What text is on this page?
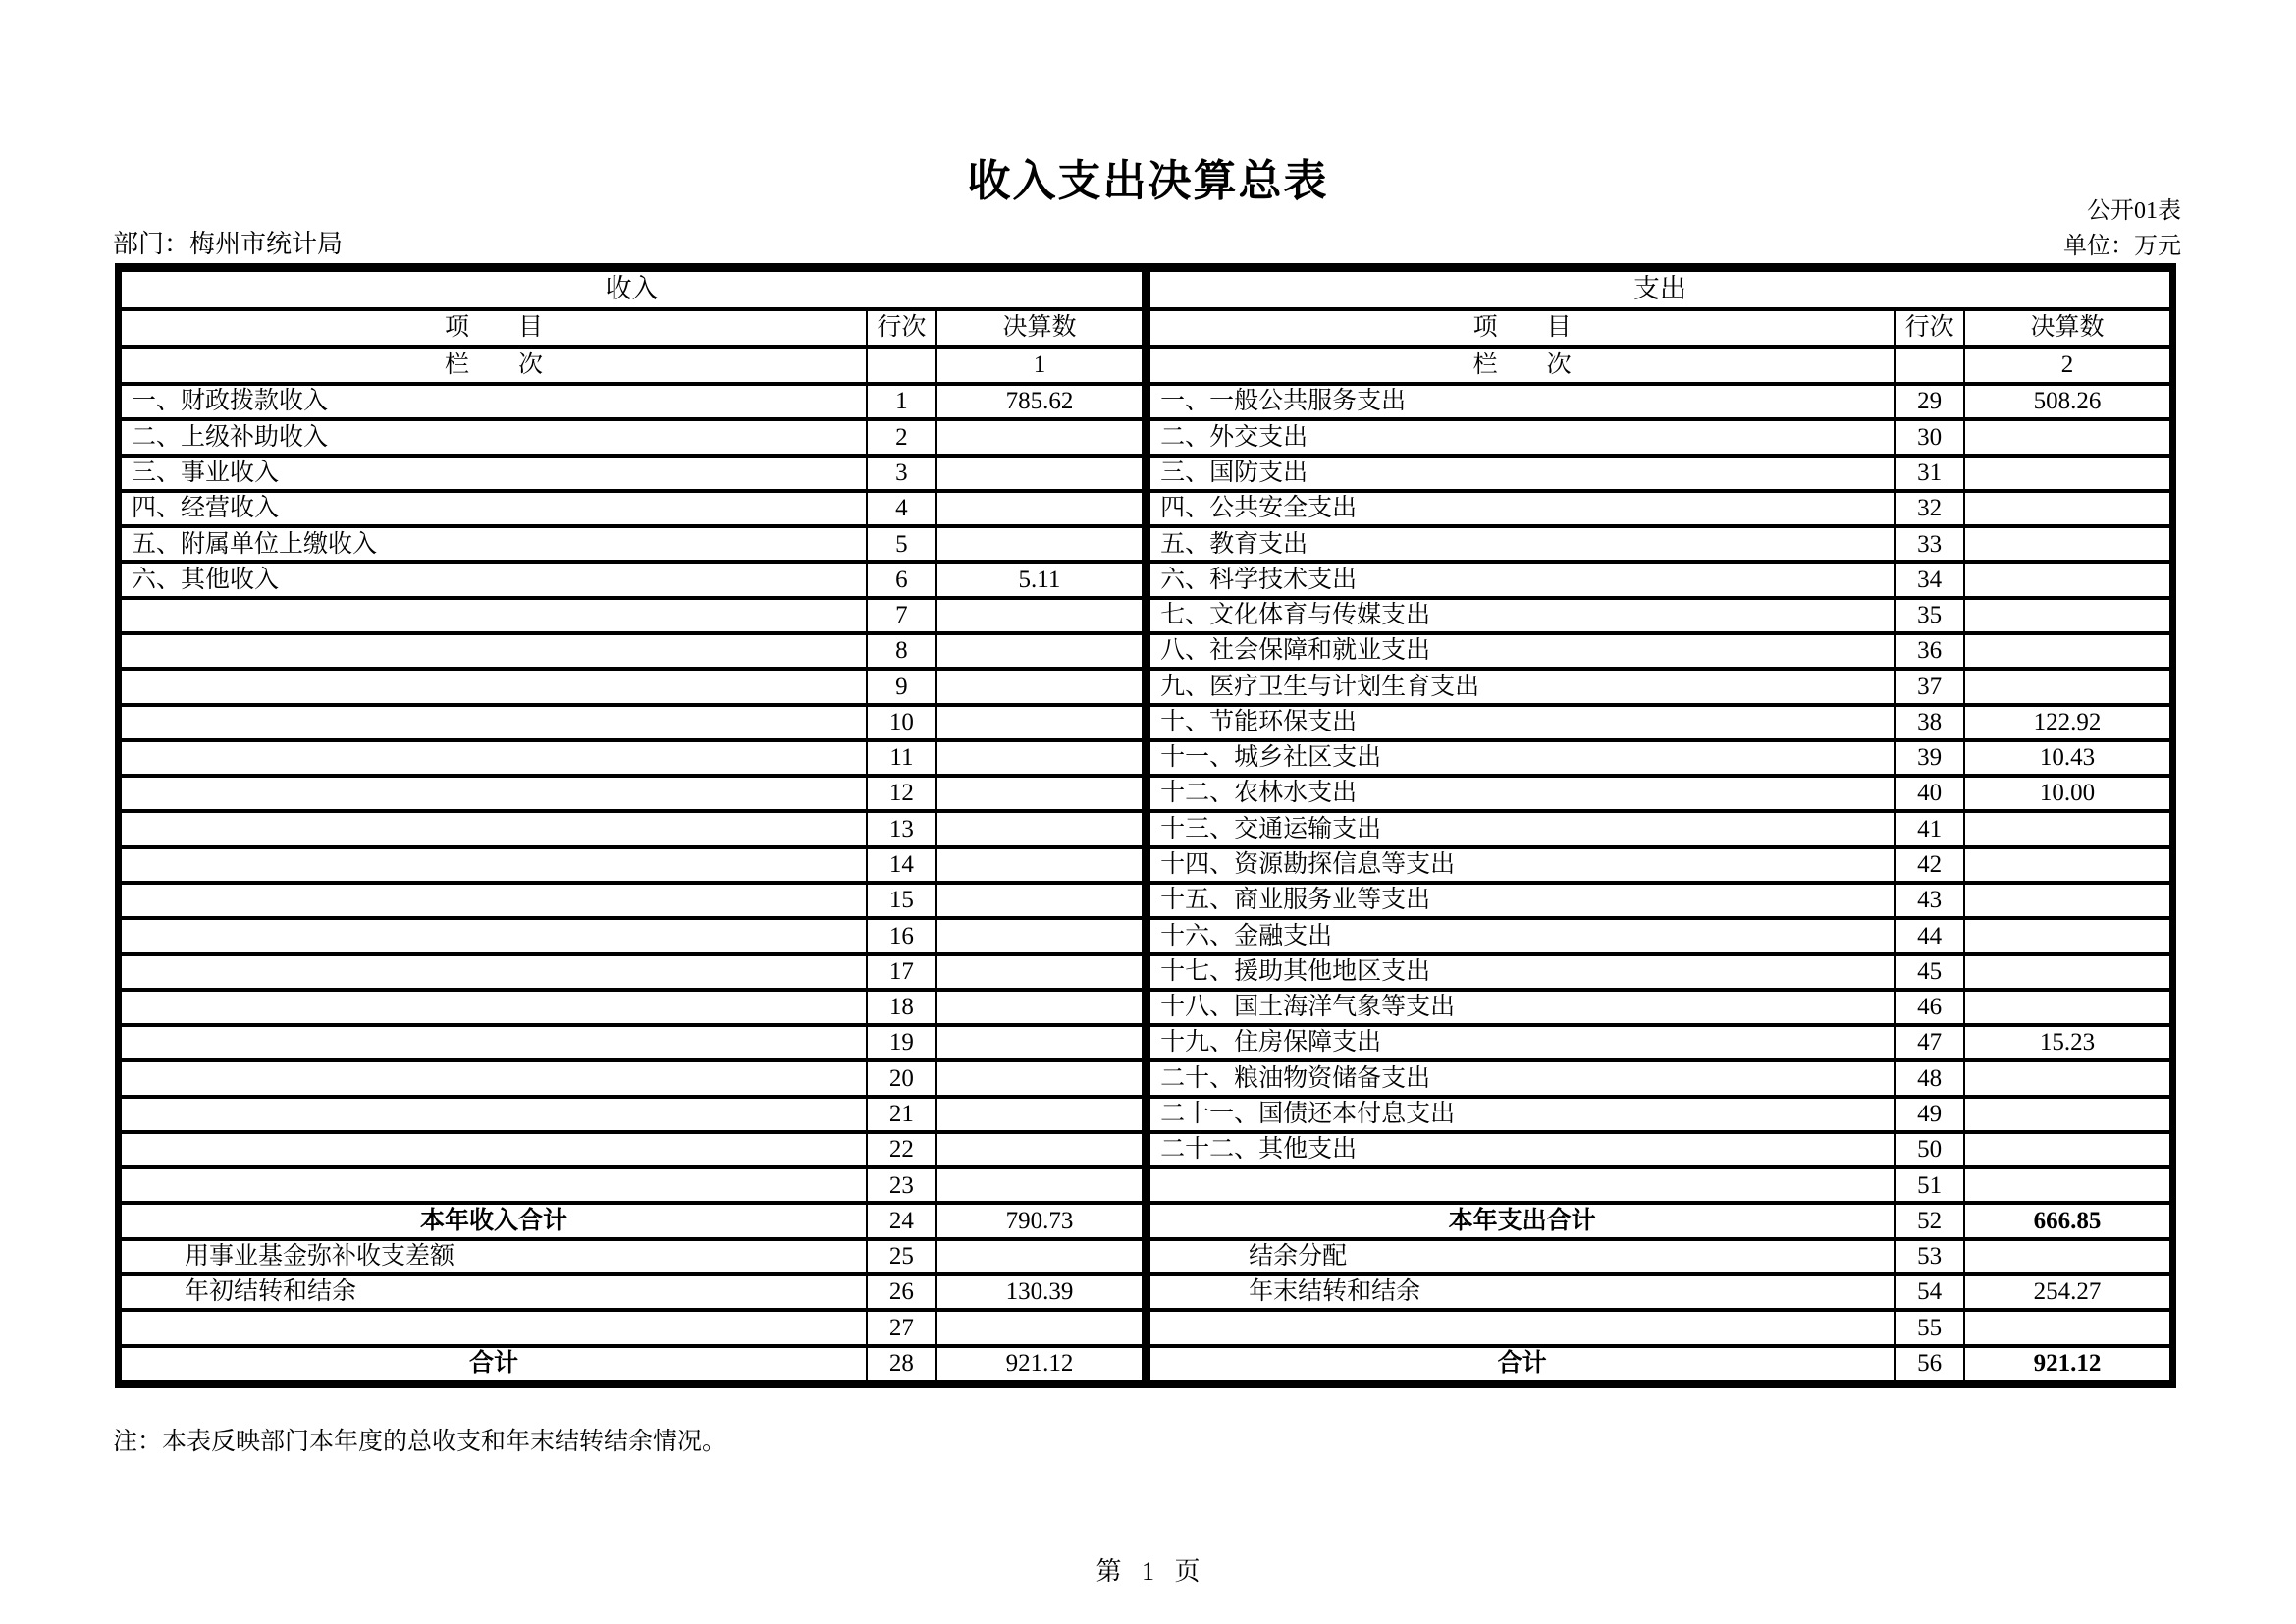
收入支出决算总表
公开01表
单位：万元
部门：梅州市统计局
收入		
项　　目	行次	决算数
栏　　次		1
一、财政拨款收入	1	785.62
二、上级补助收入	2	
三、事业收入	3	
四、经营收入	4	
五、附属单位上缴收入	5	
六、其他收入	6	5.11
	7	
	8	
	9	
	10	
	11	
	12	
	13	
	14	
	15	
	16	
	17	
	18	
	19	
	20	
	21	
	22	
	23	
本年收入合计	24	790.73
用事业基金弥补收支差额	25	
年初结转和结余	26	130.39
	27	
合计	28	921.12
支出		
项　　目	行次	决算数
栏　　次		2
一、一般公共服务支出	29	508.26
二、外交支出	30	
三、国防支出	31	
四、公共安全支出	32	
五、教育支出	33	
六、科学技术支出	34	
七、文化体育与传媒支出	35	
八、社会保障和就业支出	36	
九、医疗卫生与计划生育支出	37	
十、节能环保支出	38	122.92
十一、城乡社区支出	39	10.43
十二、农林水支出	40	10.00
十三、交通运输支出	41	
十四、资源勘探信息等支出	42	
十五、商业服务业等支出	43	
十六、金融支出	44	
十七、援助其他地区支出	45	
十八、国土海洋气象等支出	46	
十九、住房保障支出	47	15.23
二十、粮油物资储备支出	48	
二十一、国债还本付息支出	49	
二十二、其他支出	50	
	51	
本年支出合计	52	666.85
结余分配	53	
年末结转和结余	54	254.27
	55	
合计	56	921.12
注：本表反映部门本年度的总收支和年末结转结余情况。
第 1 页
